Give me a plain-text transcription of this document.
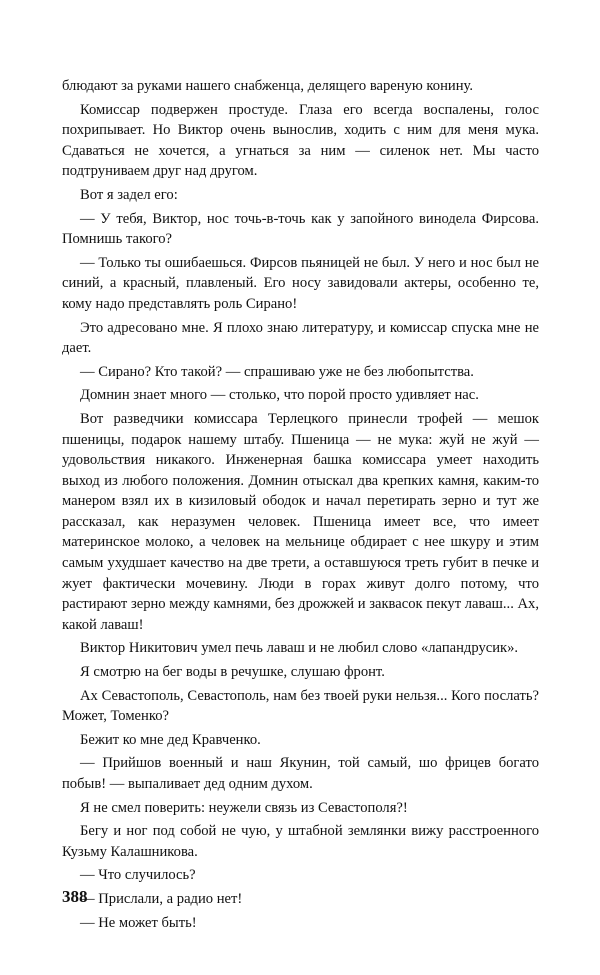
блюдают за руками нашего снабженца, делящего вареную конину.

Комиссар подвержен простуде. Глаза его всегда воспалены, голос похрипывает. Но Виктор очень вынослив, ходить с ним для меня мука. Сдаваться не хочется, а угнаться за ним — силенок нет. Мы часто подтруниваем друг над другом.

Вот я задел его:

— У тебя, Виктор, нос точь-в-точь как у запойного винодела Фирсова. Помнишь такого?

— Только ты ошибаешься. Фирсов пьяницей не был. У него и нос был не синий, а красный, плавленый. Его носу завидовали актеры, особенно те, кому надо представлять роль Сирано!

Это адресовано мне. Я плохо знаю литературу, и комиссар спуска мне не дает.

— Сирано? Кто такой? — спрашиваю уже не без любопытства.

Домнин знает много — столько, что порой просто удивляет нас.

Вот разведчики комиссара Терлецкого принесли трофей — мешок пшеницы, подарок нашему штабу. Пшеница — не мука: жуй не жуй — удовольствия никакого. Инженерная башка комиссара умеет находить выход из любого положения. Домнин отыскал два крепких камня, каким-то манером взял их в кизиловый ободок и начал перетирать зерно и тут же рассказал, как неразумен человек. Пшеница имеет все, что имеет материнское молоко, а человек на мельнице обдирает с нее шкуру и этим самым ухудшает качество на две трети, а оставшуюся треть губит в печке и жует фактически мочевину. Люди в горах живут долго потому, что растирают зерно между камнями, без дрожжей и заквасок пекут лаваш... Ах, какой лаваш!

Виктор Никитович умел печь лаваш и не любил слово «лапандрусик».

Я смотрю на бег воды в речушке, слушаю фронт.

Ах Севастополь, Севастополь, нам без твоей руки нельзя... Кого послать? Может, Томенко?

Бежит ко мне дед Кравченко.

— Прийшов военный и наш Якунин, той самый, шо фрицев богато побыв! — выпаливает дед одним духом.

Я не смел поверить: неужели связь из Севастополя?!

Бегу и ног под собой не чую, у штабной землянки вижу расстроенного Кузьму Калашникова.

— Что случилось?

— Прислали, а радио нет!

— Не может быть!

388
